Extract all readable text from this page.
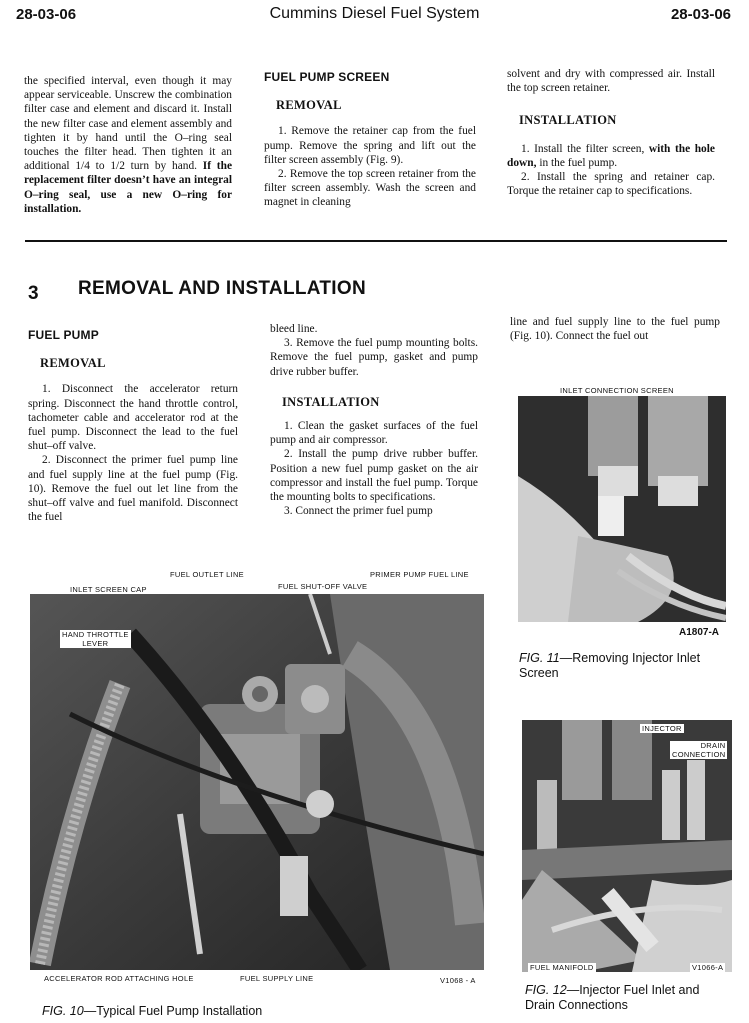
28-03-06	Cummins Diesel Fuel System	28-03-06

the specified interval, even though it may appear serviceable. Unscrew the combination filter case and element and discard it. Install the new filter case and element assembly and tighten it by hand until the O–ring seal touches the filter head. Then tighten it an additional 1/4 to 1/2 turn by hand. If the replacement filter doesn’t have an integral O–ring seal, use a new O–ring for installation.

FUEL PUMP SCREEN

REMOVAL

1. Remove the retainer cap from the fuel pump. Remove the spring and lift out the filter screen assembly (Fig. 9).

2. Remove the top screen retainer from the filter screen assembly. Wash the screen and magnet in cleaning

solvent and dry with compressed air. Install the top screen retainer.

INSTALLATION

1. Install the filter screen, with the hole down, in the fuel pump.

2. Install the spring and retainer cap. Torque the retainer cap to specifications.

3 REMOVAL AND INSTALLATION

FUEL PUMP

REMOVAL

1. Disconnect the accelerator return spring. Disconnect the hand throttle control, tachometer cable and accelerator rod at the fuel pump. Disconnect the lead to the fuel shut–off valve.

2. Disconnect the primer fuel pump line and fuel supply line at the fuel pump (Fig. 10). Remove the fuel out let line from the shut–off valve and fuel manifold. Disconnect the fuel

bleed line.

3. Remove the fuel pump mounting bolts. Remove the fuel pump, gasket and pump drive rubber buffer.

INSTALLATION

1. Clean the gasket surfaces of the fuel pump and air compressor.

2. Install the pump drive rubber buffer. Position a new fuel pump gasket on the air compressor and install the fuel pump. Torque the mounting bolts to specifications.

3. Connect the primer fuel pump

line and fuel supply line to the fuel pump (Fig. 10). Connect the fuel out

FUEL OUTLET LINE	PRIMER PUMP FUEL LINE
INLET SCREEN CAP	FUEL SHUT-OFF VALVE
HAND THROTTLE
LEVER
ACCELERATOR ROD ATTACHING HOLE	FUEL SUPPLY LINE	V1068 - A
FIG. 10—Typical Fuel Pump Installation
INLET CONNECTION SCREEN
A1807-A
FIG. 11—Removing Injector Inlet
Screen
INJECTOR
DRAIN
CONNECTION
FUEL MANIFOLD	V1066-A
FIG. 12—Injector Fuel Inlet and
Drain Connections
